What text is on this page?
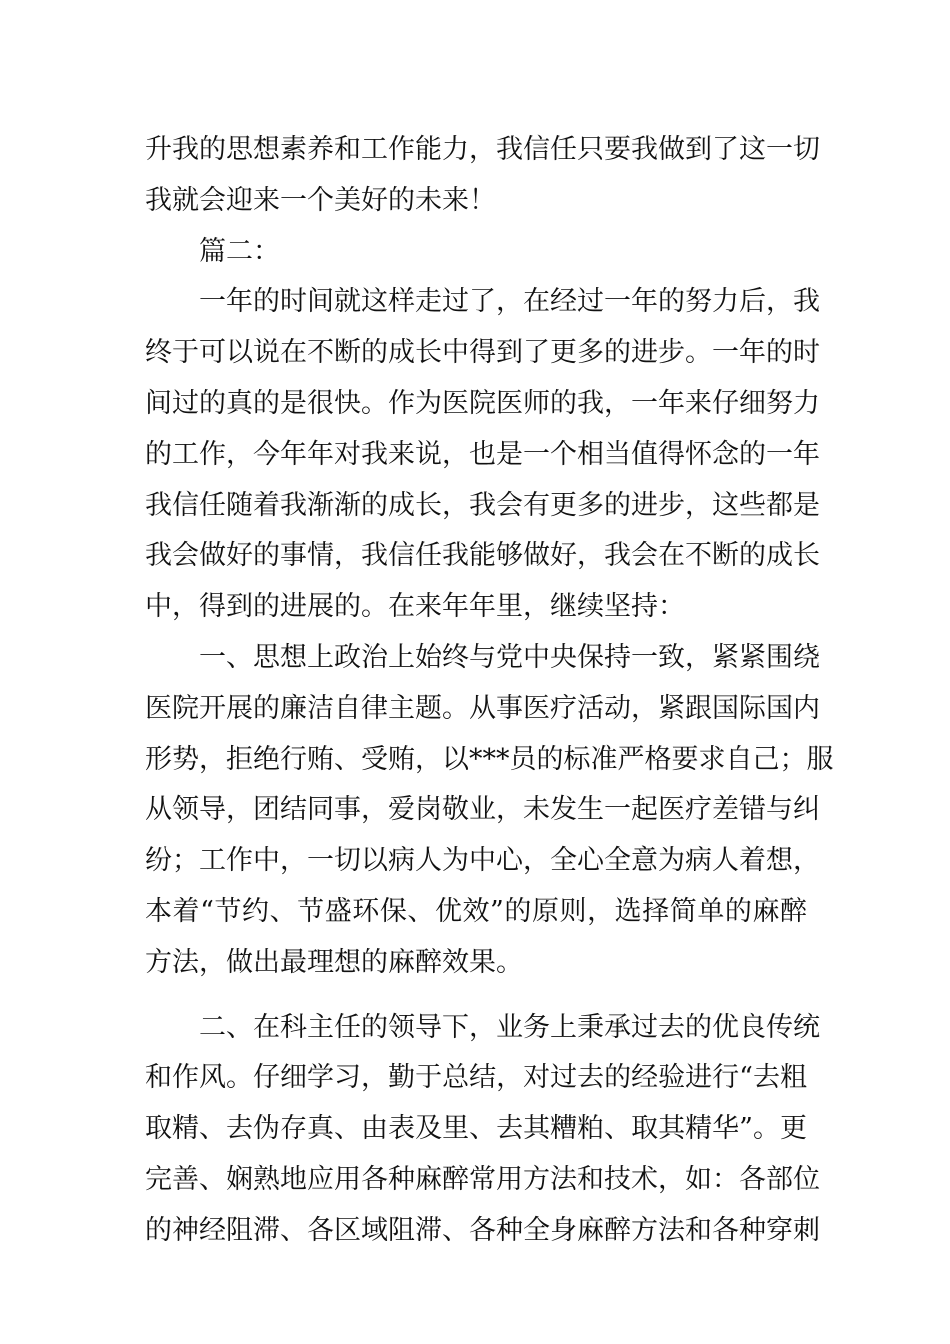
升我的思想素养和工作能力，我信任只要我做到了这一切
我就会迎来一个美好的未来！
篇二：
一年的时间就这样走过了，在经过一年的努力后，我
终于可以说在不断的成长中得到了更多的进步。一年的时
间过的真的是很快。作为医院医师的我，一年来仔细努力
的工作，今年年对我来说，也是一个相当值得怀念的一年
我信任随着我渐渐的成长，我会有更多的进步，这些都是
我会做好的事情，我信任我能够做好，我会在不断的成长
中，得到的进展的。在来年年里，继续坚持：
一、思想上政治上始终与党中央保持一致，紧紧围绕
医院开展的廉洁自律主题。从事医疗活动，紧跟国际国内
形势，拒绝行贿、受贿，以***员的标准严格要求自己；服
从领导，团结同事，爱岗敬业，未发生一起医疗差错与纠
纷；工作中，一切以病人为中心，全心全意为病人着想，
本着“节约、节盛环保、优效”的原则，选择简单的麻醉
方法，做出最理想的麻醉效果。
二、在科主任的领导下，业务上秉承过去的优良传统
和作风。仔细学习，勤于总结，对过去的经验进行“去粗
取精、去伪存真、由表及里、去其糟粕、取其精华”。更
完善、娴熟地应用各种麻醉常用方法和技术，如：各部位
的神经阻滞、各区域阻滞、各种全身麻醉方法和各种穿刺
